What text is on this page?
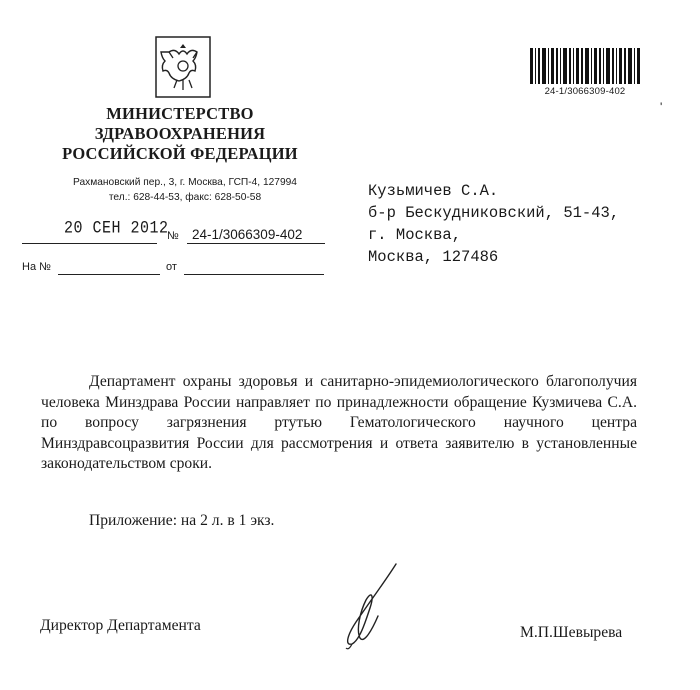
МИНИСТЕРСТВО
ЗДРАВООХРАНЕНИЯ
РОССИЙСКОЙ ФЕДЕРАЦИИ
Рахмановский пер., 3, г. Москва, ГСП-4, 127994
тел.: 628-44-53, факс: 628-50-58
20 СЕН 2012
№ 24-1/3066309-402
На №	от
24-1/3066309-402
'
Кузьмичев С.А.
б-р Бескудниковский, 51-43,
г. Москва,
Москва, 127486
Департамент охраны здоровья и санитарно-эпидемиологического благополучия человека Минздрава России направляет по принадлежности обращение Кузмичева С.А. по вопросу загрязнения ртутью Гематологического научного центра Минздравсоцразвития России для рассмотрения и ответа заявителю в установленные законодательством сроки.
Приложение: на 2 л. в 1 экз.
Директор Департамента	М.П.Шевырева
